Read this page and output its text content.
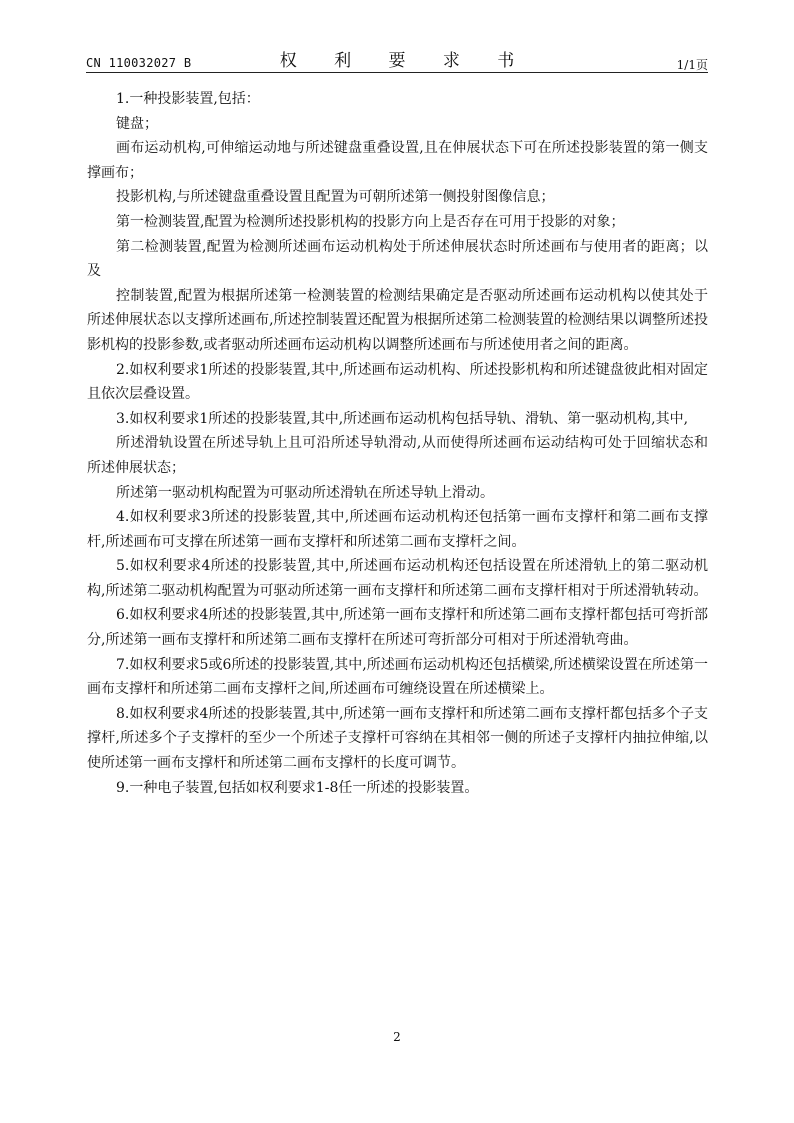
CN 110032027 B	权 利 要 求 书	1/1页

1.一种投影装置,包括：

键盘；

画布运动机构,可伸缩运动地与所述键盘重叠设置,且在伸展状态下可在所述投影装置的第一侧支撑画布；

投影机构,与所述键盘重叠设置且配置为可朝所述第一侧投射图像信息；

第一检测装置,配置为检测所述投影机构的投影方向上是否存在可用于投影的对象；

第二检测装置,配置为检测所述画布运动机构处于所述伸展状态时所述画布与使用者的距离；以及

控制装置,配置为根据所述第一检测装置的检测结果确定是否驱动所述画布运动机构以使其处于所述伸展状态以支撑所述画布,所述控制装置还配置为根据所述第二检测装置的检测结果以调整所述投影机构的投影参数,或者驱动所述画布运动机构以调整所述画布与所述使用者之间的距离。

2.如权利要求1所述的投影装置,其中,所述画布运动机构、所述投影机构和所述键盘彼此相对固定且依次层叠设置。

3.如权利要求1所述的投影装置,其中,所述画布运动机构包括导轨、滑轨、第一驱动机构,其中,

所述滑轨设置在所述导轨上且可沿所述导轨滑动,从而使得所述画布运动结构可处于回缩状态和所述伸展状态；

所述第一驱动机构配置为可驱动所述滑轨在所述导轨上滑动。

4.如权利要求3所述的投影装置,其中,所述画布运动机构还包括第一画布支撑杆和第二画布支撑杆,所述画布可支撑在所述第一画布支撑杆和所述第二画布支撑杆之间。

5.如权利要求4所述的投影装置,其中,所述画布运动机构还包括设置在所述滑轨上的第二驱动机构,所述第二驱动机构配置为可驱动所述第一画布支撑杆和所述第二画布支撑杆相对于所述滑轨转动。

6.如权利要求4所述的投影装置,其中,所述第一画布支撑杆和所述第二画布支撑杆都包括可弯折部分,所述第一画布支撑杆和所述第二画布支撑杆在所述可弯折部分可相对于所述滑轨弯曲。

7.如权利要求5或6所述的投影装置,其中,所述画布运动机构还包括横梁,所述横梁设置在所述第一画布支撑杆和所述第二画布支撑杆之间,所述画布可缠绕设置在所述横梁上。

8.如权利要求4所述的投影装置,其中,所述第一画布支撑杆和所述第二画布支撑杆都包括多个子支撑杆,所述多个子支撑杆的至少一个所述子支撑杆可容纳在其相邻一侧的所述子支撑杆内抽拉伸缩,以使所述第一画布支撑杆和所述第二画布支撑杆的长度可调节。

9.一种电子装置,包括如权利要求1-8任一所述的投影装置。

2
